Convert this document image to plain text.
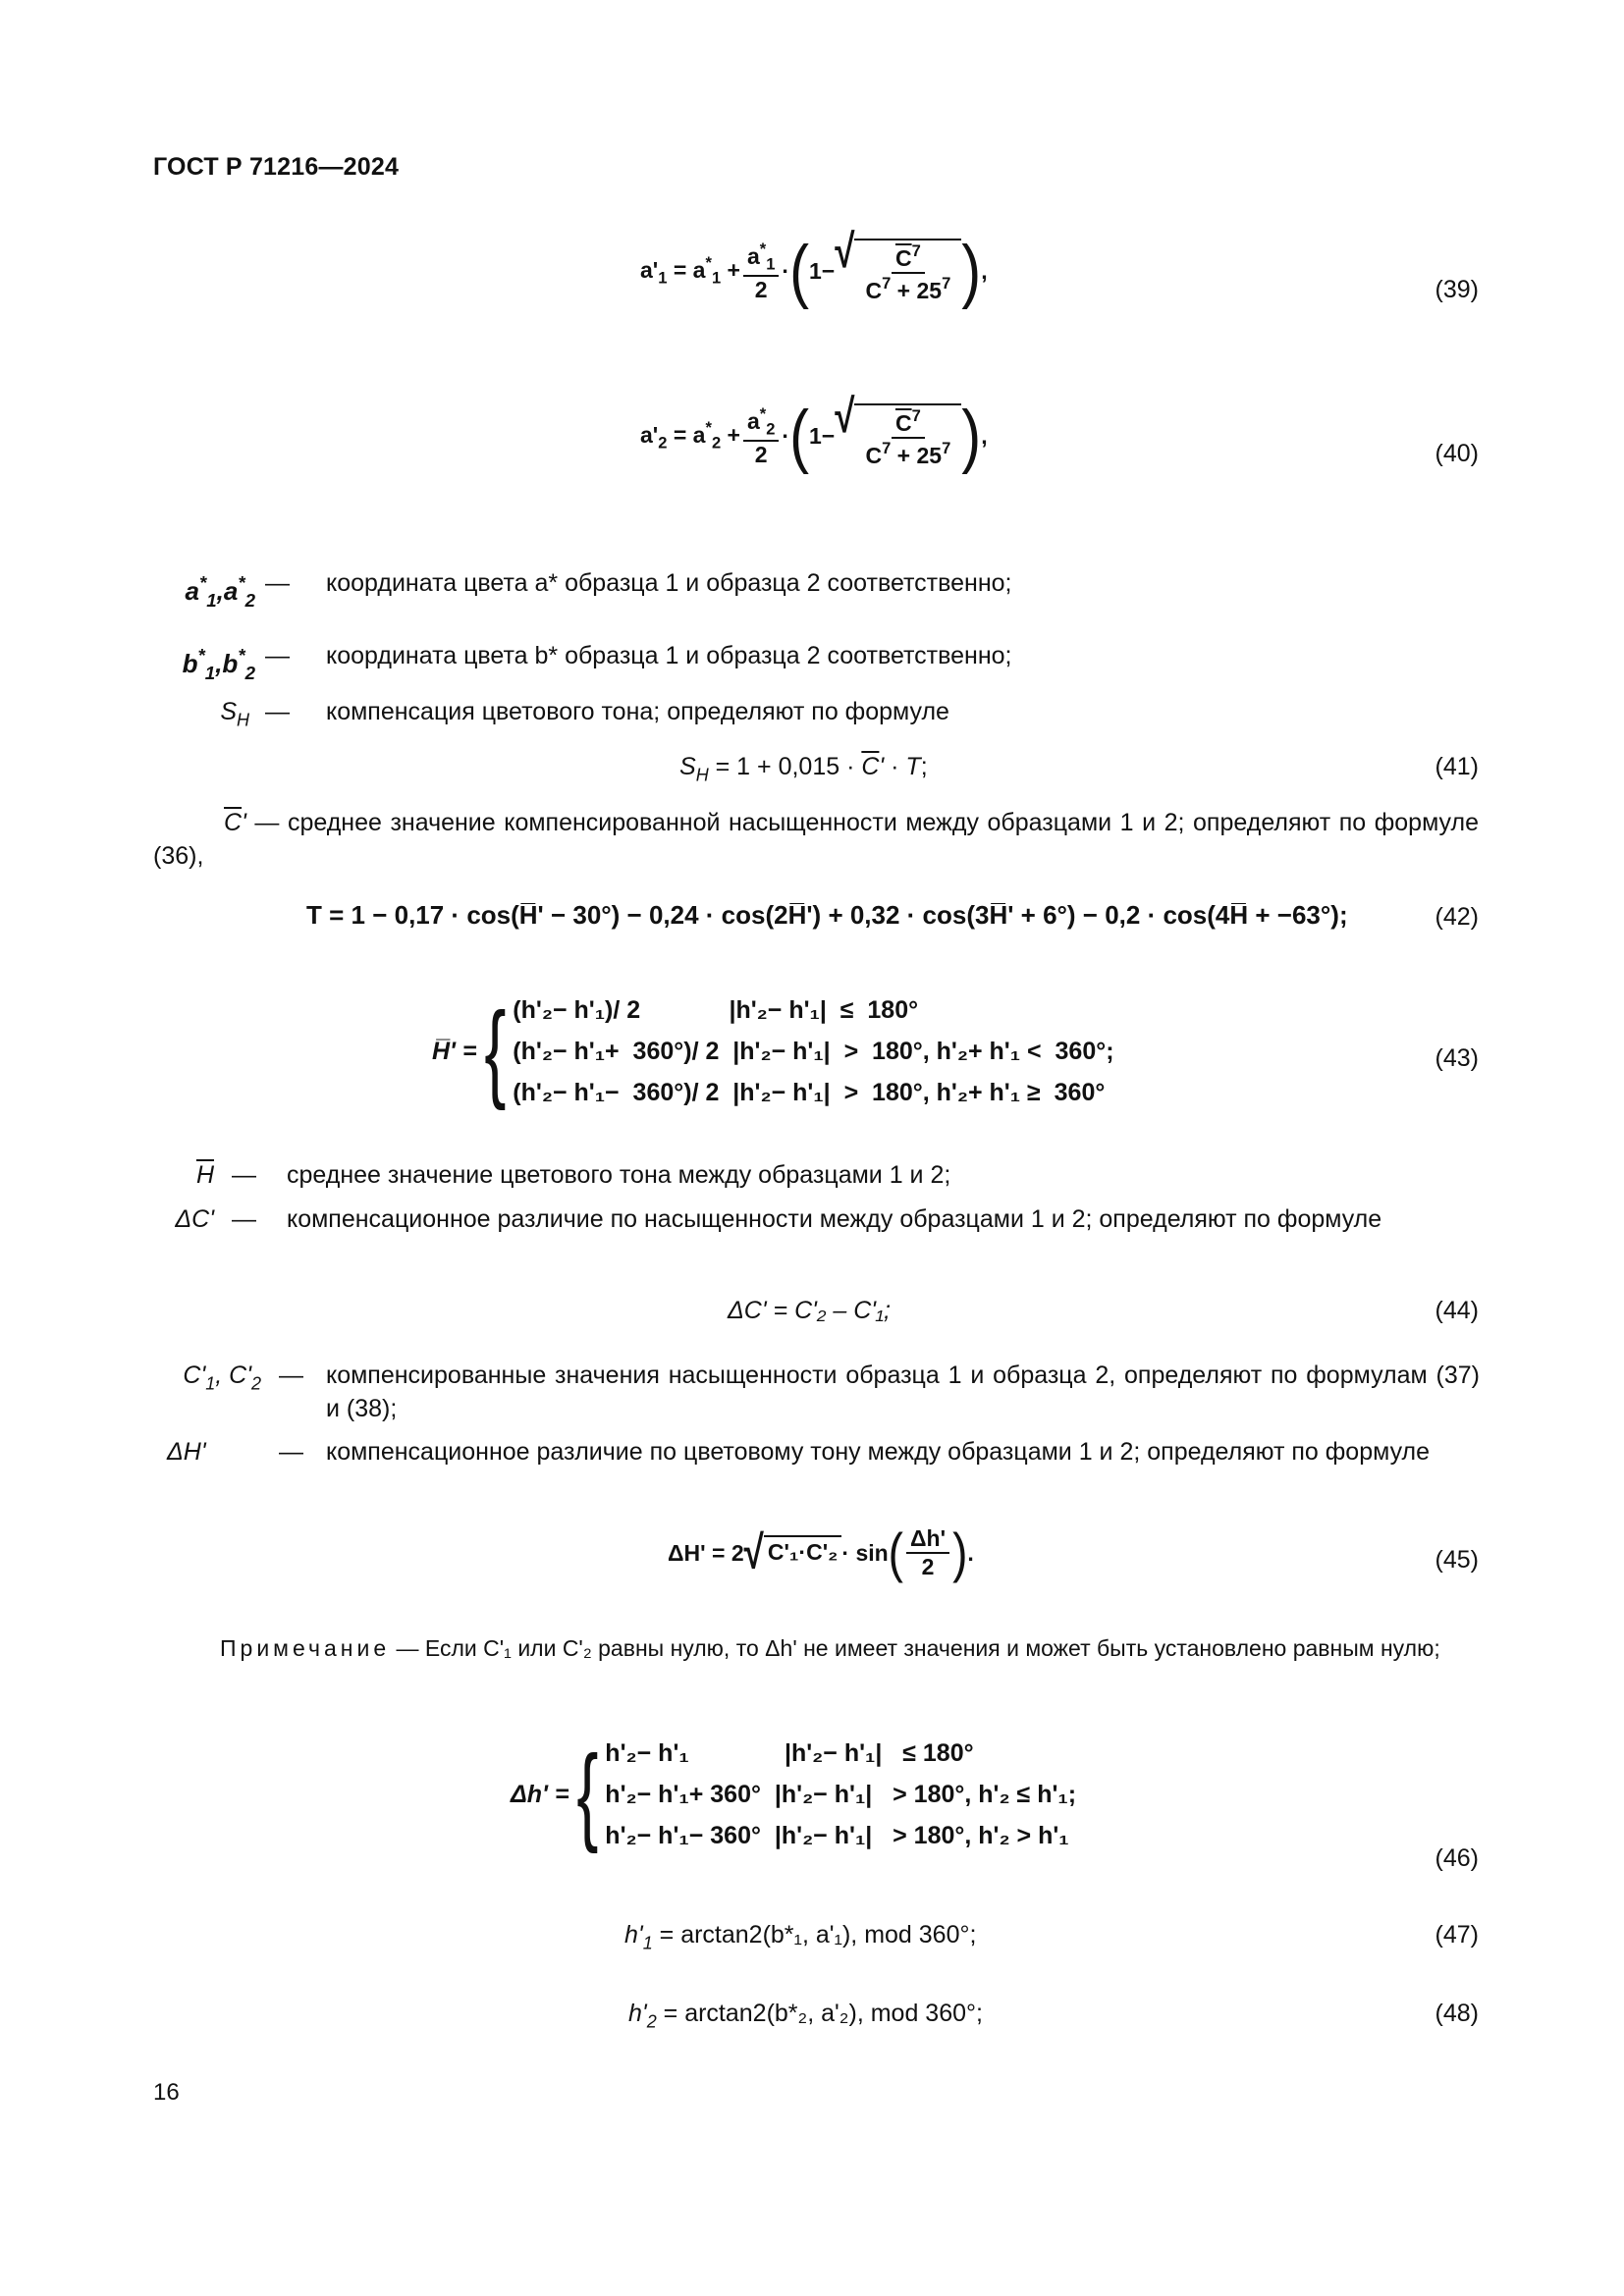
ГОСТ Р 71216—2024
$a'_1 = a^*_1 + \frac{a^*_1}{2}$ · ( 1− √ $\frac{C^7}{C^7 + 25^7}$ ) ,
(39)
$a'_2 = a^*_2 + \frac{a^*_2}{2}$ · ( 1− √ $\frac{C^7}{C^7 + 25^7}$ ) ,
(40)
$a^*_1,a^*_2$
— координата цвета a* образца 1 и образца 2 соответственно;
$b^*_1,b^*_2$
— координата цвета b* образца 1 и образца 2 соответственно;
$S_H$ — компенсация цветового тона; определяют по формуле
$S_H = 1 + 0,015 \cdot \overline{C}' \cdot T$;	(41)
$\overline{C}'$ — среднее значение компенсированной насыщенности между образцами 1 и 2; определяют по формуле (36),
T = 1 − 0,17 · cos(H̅' − 30°) − 0,24 · cos(2H̅') + 0,32 · cos(3H̅' + 6°) − 0,2 · cos(4H̅ + −63°);	(42)
H̅' = { (h'₂− h'₁)/ 2             |h'₂− h'₁|  ≤  180°
(h'₂− h'₁+  360°)/ 2  |h'₂− h'₁|  >  180°, h'₂+ h'₁ <  360°;
(h'₂− h'₁−  360°)/ 2  |h'₂− h'₁|  >  180°, h'₂+ h'₁ ≥  360°
(43)
$\overline{H}$ — среднее значение цветового тона между образцами 1 и 2;
ΔC' — компенсационное различие по насыщенности между образцами 1 и 2; определяют по формуле
ΔC' = C'₂ – C'₁;	(44)
$C'_1$, $C'_2$ — компенсированные значения насыщенности образца 1 и образца 2, определяют по формулам (37) и (38);
ΔH'	— компенсационное различие по цветовому тону между образцами 1 и 2; определяют по формуле
ΔH' = 2 √ C'₁·C'₂ · sin ( $\frac{\Delta h'}{2}$ ) .	(45)
Примечание — Если C'₁ или C'₂ равны нулю, то Δh' не имеет значения и может быть установлено равным нулю;
Δh' = { h'₂− h'₁              |h'₂− h'₁|   ≤ 180°
h'₂− h'₁+ 360°  |h'₂− h'₁|   > 180°, h'₂ ≤ h'₁;
h'₂− h'₁− 360°  |h'₂− h'₁|   > 180°, h'₂ > h'₁
(46)
$h'_1 = \arctan 2(b*_1$, a'₁), mod 360°;	(47)
$h'_2 = \arctan 2(b*_2$, a'₂), mod 360°;	(48)
16
